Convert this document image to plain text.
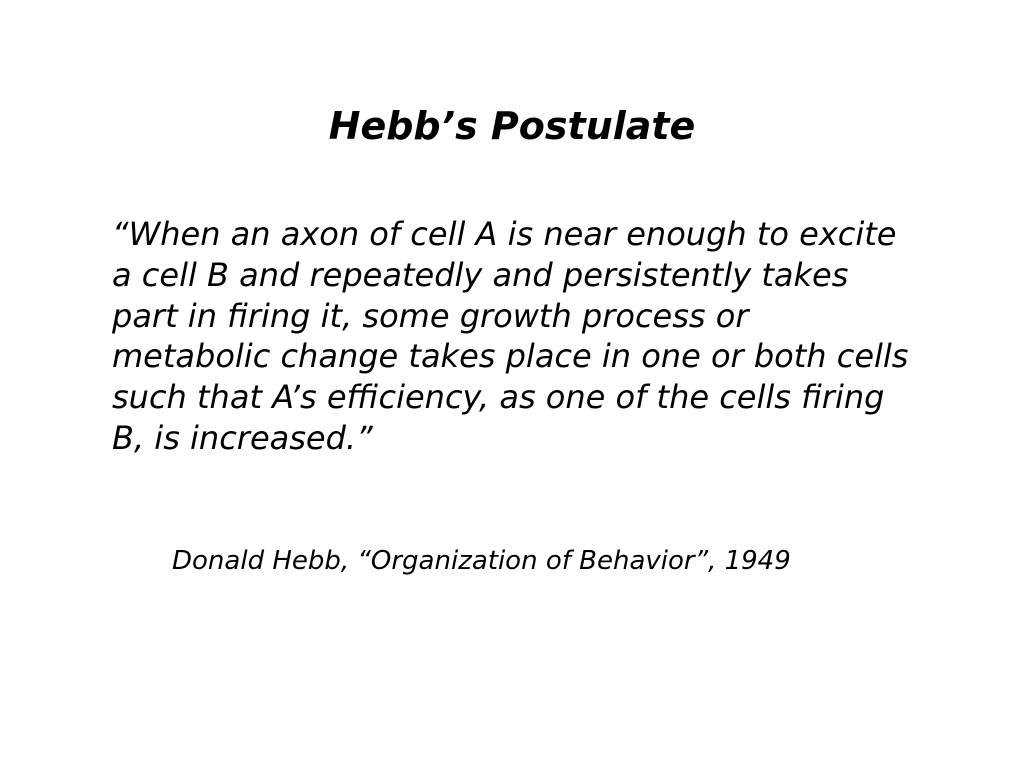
Hebb’s Postulate

“When an axon of cell A is near enough to excite
a cell B and repeatedly and persistently takes
part in firing it, some growth process or
metabolic change takes place in one or both cells
such that A’s efficiency, as one of the cells firing
B, is increased.”

Donald Hebb, “Organization of Behavior”, 1949
